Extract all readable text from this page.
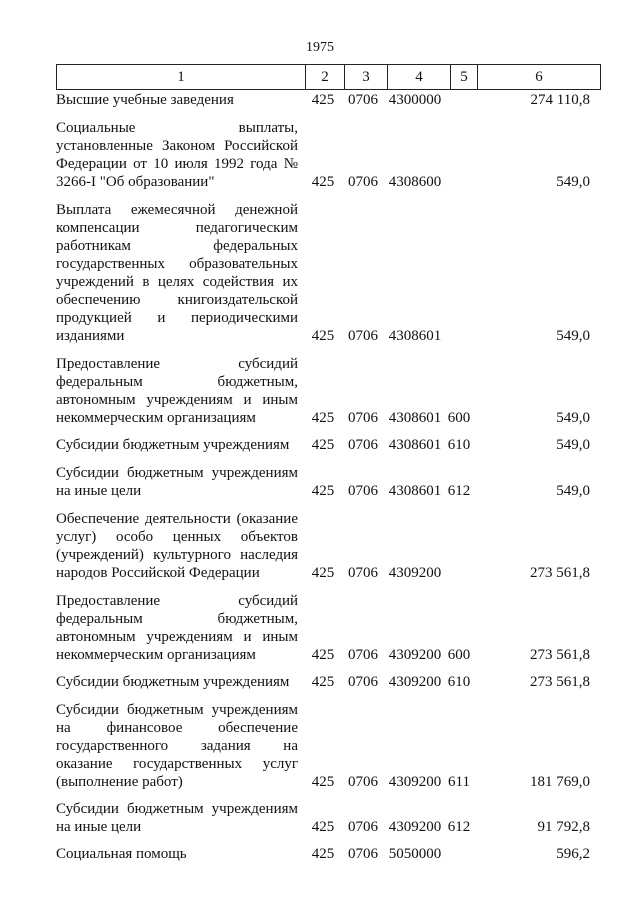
1975
1	2	3	4	5	6
Высшие учебные заведения	425	0706	4300000		274 110,8
Социальные выплаты, установленные Законом Российской Федерации от 10 июля 1992 года № 3266-I "Об образовании"	425	0706	4308600		549,0
Выплата ежемесячной денежной компенсации педагогическим работникам федеральных государственных образовательных учреждений в целях содействия их обеспечению книгоиздательской продукцией и периодическими изданиями	425	0706	4308601		549,0
Предоставление субсидий федеральным бюджетным, автономным учреждениям и иным некоммерческим организациям	425	0706	4308601	600	549,0
Субсидии бюджетным учреждениям	425	0706	4308601	610	549,0
Субсидии бюджетным учреждениям на иные цели	425	0706	4308601	612	549,0
Обеспечение деятельности (оказание услуг) особо ценных объектов (учреждений) культурного наследия народов Российской Федерации	425	0706	4309200		273 561,8
Предоставление субсидий федеральным бюджетным, автономным учреждениям и иным некоммерческим организациям	425	0706	4309200	600	273 561,8
Субсидии бюджетным учреждениям	425	0706	4309200	610	273 561,8
Субсидии бюджетным учреждениям на финансовое обеспечение государственного задания на оказание государственных услуг (выполнение работ)	425	0706	4309200	611	181 769,0
Субсидии бюджетным учреждениям на иные цели	425	0706	4309200	612	91 792,8
Социальная помощь	425	0706	5050000		596,2
